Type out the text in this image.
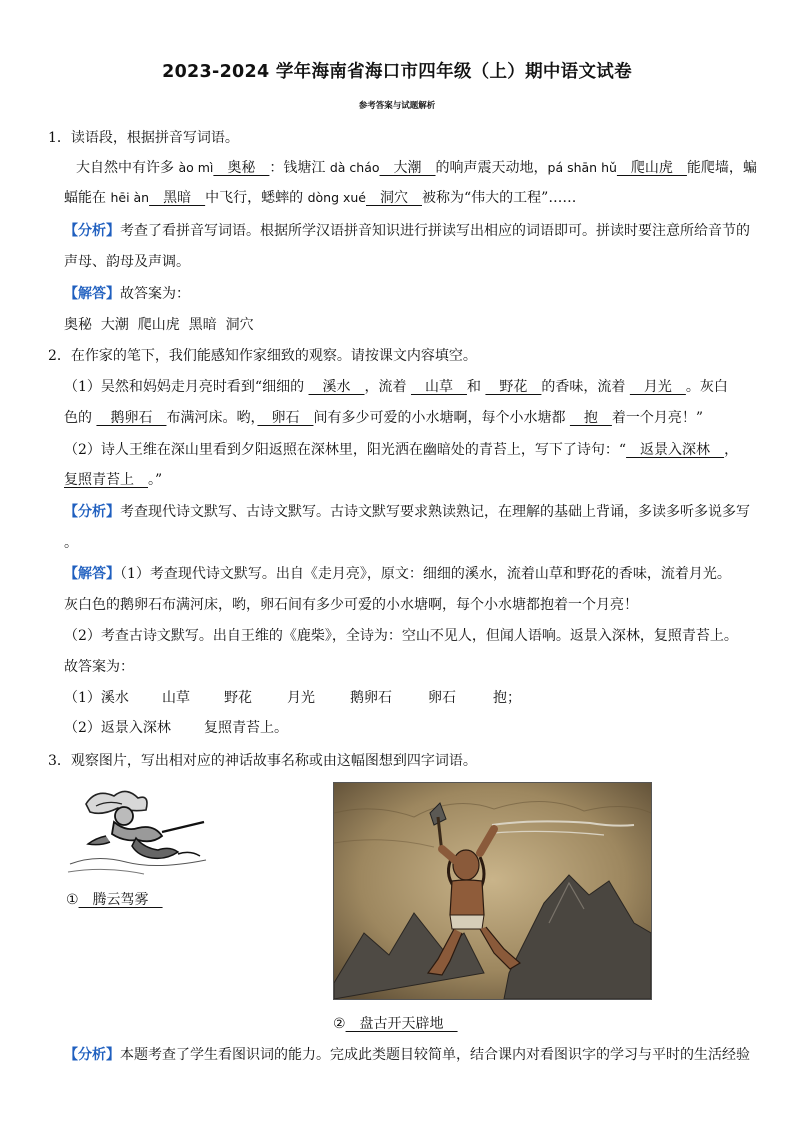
2023-2024 学年海南省海口市四年级（上）期中语文试卷
参考答案与试题解析
1．读语段，根据拼音写词语。
大自然中有许多 ào mì　奥秘　：钱塘江 dà cháo　大潮　的响声震天动地，pá shān hǔ　爬山虎　能爬墙，蝙
蝠能在 hēi àn　黑暗　中飞行，蟋蟀的 dòng xué　洞穴　被称为“伟大的工程”……
【分析】考查了看拼音写词语。根据所学汉语拼音知识进行拼读写出相应的词语即可。拼读时要注意所给音节的
声母、韵母及声调。
【解答】故答案为：
奥秘  大潮  爬山虎  黑暗  洞穴
2．在作家的笔下，我们能感知作家细致的观察。请按课文内容填空。
（1）吴然和妈妈走月亮时看到“细细的 　溪水　，流着 　山草　和 　野花　的香味，流着 　月光　。灰白
色的 　鹅卵石　布满河床。哟，　卵石　间有多少可爱的小水塘啊，每个小水塘都 　抱　着一个月亮！”
（2）诗人王维在深山里看到夕阳返照在深林里，阳光洒在幽暗处的青苔上，写下了诗句：“　返景入深林　，
复照青苔上　。”
【分析】考查现代诗文默写、古诗文默写。古诗文默写要求熟读熟记，在理解的基础上背诵，多读多听多说多写
。
【解答】（1）考查现代诗文默写。出自《走月亮》，原文：细细的溪水，流着山草和野花的香味，流着月光。
灰白色的鹅卵石布满河床，哟，卵石间有多少可爱的小水塘啊，每个小水塘都抱着一个月亮！
（2）考查古诗文默写。出自王维的《鹿柴》，全诗为：空山不见人，但闻人语响。返景入深林，复照青苔上。
故答案为：
（1）溪水 山草 野花	月光	鹅卵石	卵石	抱；
（2）返景入深林 复照青苔上。
3．观察图片，写出相对应的神话故事名称或由这幅图想到四字词语。
①　腾云驾雾　
②　盘古开天辟地　
【分析】本题考查了学生看图识词的能力。完成此类题目较简单，结合课内对看图识字的学习与平时的生活经验
